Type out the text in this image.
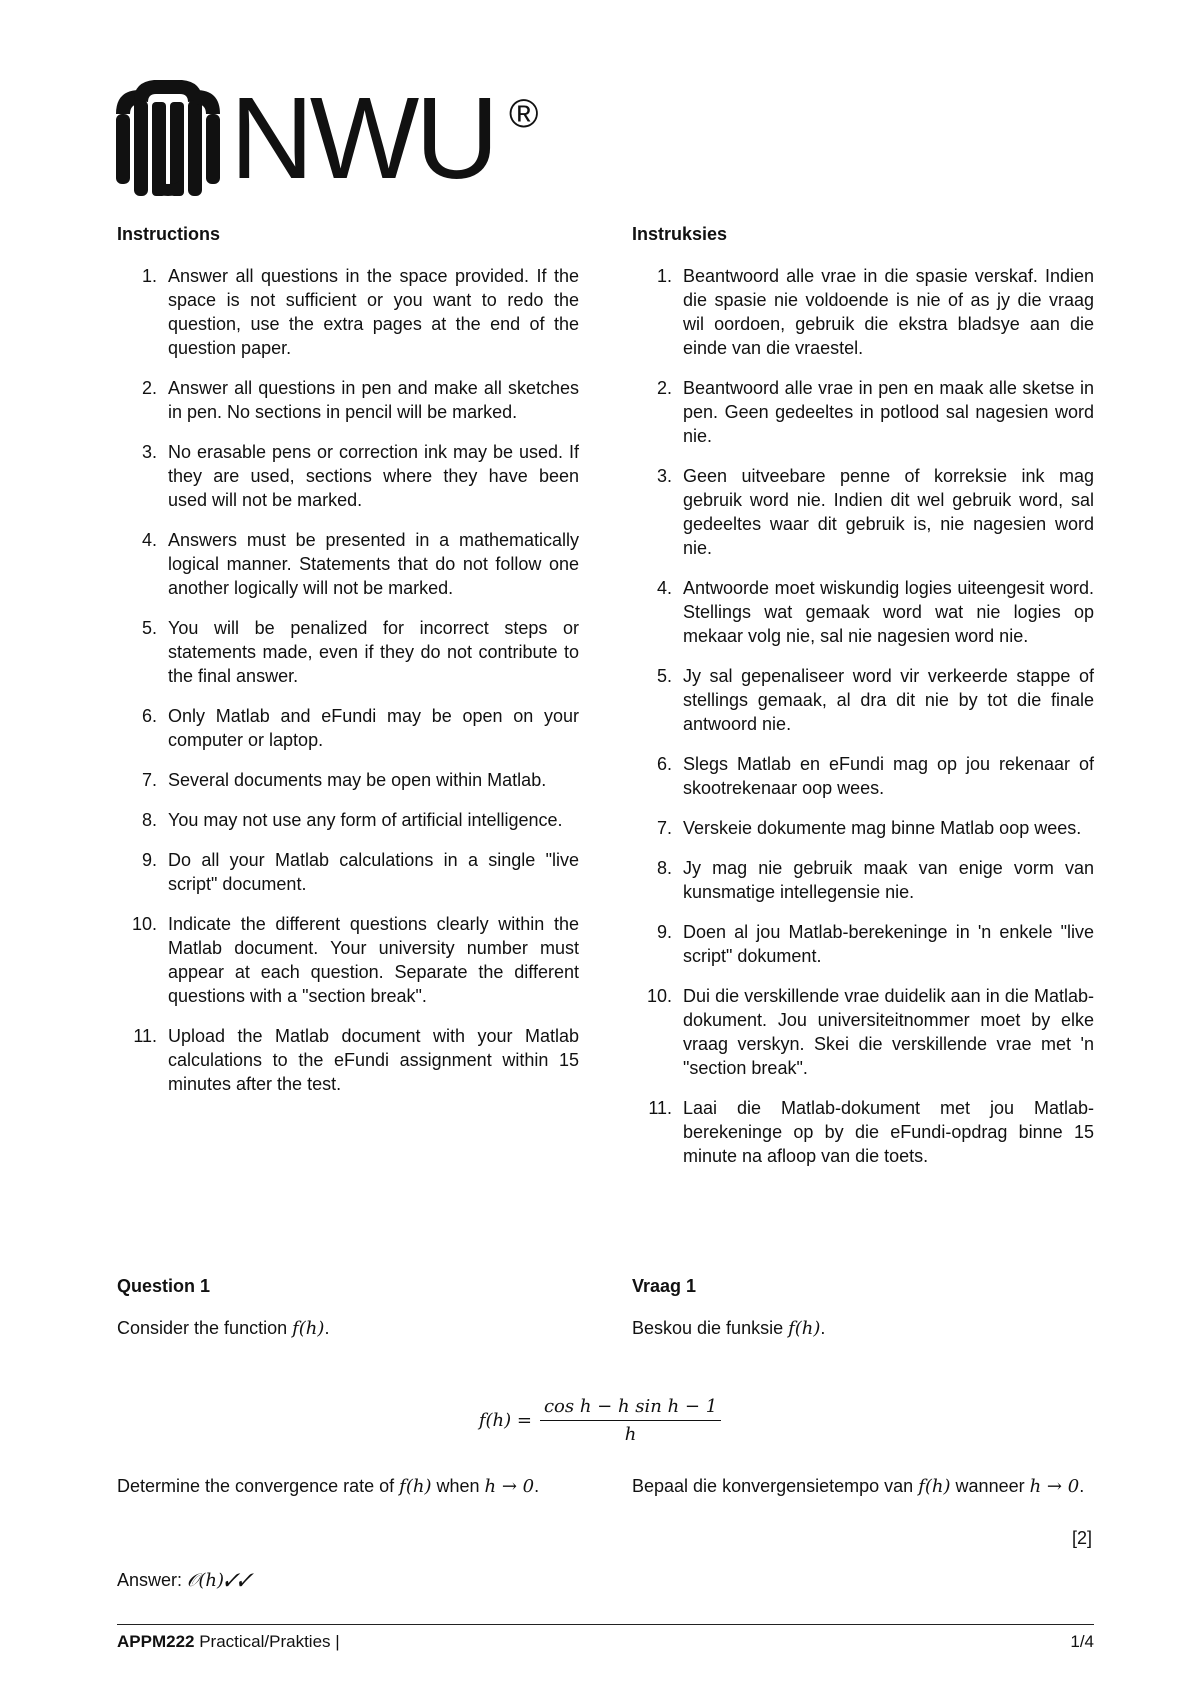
NWU ®
Instructions
1. Answer all questions in the space provided. If the space is not sufficient or you want to redo the question, use the extra pages at the end of the question paper.
2. Answer all questions in pen and make all sketches in pen. No sections in pencil will be marked.
3. No erasable pens or correction ink may be used. If they are used, sections where they have been used will not be marked.
4. Answers must be presented in a mathematically logical manner. Statements that do not follow one another logically will not be marked.
5. You will be penalized for incorrect steps or statements made, even if they do not contribute to the final answer.
6. Only Matlab and eFundi may be open on your computer or laptop.
7. Several documents may be open within Matlab.
8. You may not use any form of artificial intelligence.
9. Do all your Matlab calculations in a single "live script" document.
10. Indicate the different questions clearly within the Matlab document. Your university number must appear at each question. Separate the different questions with a "section break".
11. Upload the Matlab document with your Matlab calculations to the eFundi assignment within 15 minutes after the test.
Instruksies
1. Beantwoord alle vrae in die spasie verskaf. Indien die spasie nie voldoende is nie of as jy die vraag wil oordoen, gebruik die ekstra bladsye aan die einde van die vraestel.
2. Beantwoord alle vrae in pen en maak alle sketse in pen. Geen gedeeltes in potlood sal nagesien word nie.
3. Geen uitveebare penne of korreksie ink mag gebruik word nie. Indien dit wel gebruik word, sal gedeeltes waar dit gebruik is, nie nagesien word nie.
4. Antwoorde moet wiskundig logies uiteengesit word. Stellings wat gemaak word wat nie logies op mekaar volg nie, sal nie nagesien word nie.
5. Jy sal gepenaliseer word vir verkeerde stappe of stellings gemaak, al dra dit nie by tot die finale antwoord nie.
6. Slegs Matlab en eFundi mag op jou rekenaar of skootrekenaar oop wees.
7. Verskeie dokumente mag binne Matlab oop wees.
8. Jy mag nie gebruik maak van enige vorm van kunsmatige intellegensie nie.
9. Doen al jou Matlab-berekeninge in 'n enkele "live script" dokument.
10. Dui die verskillende vrae duidelik aan in die Matlab-dokument. Jou universiteitnommer moet by elke vraag verskyn. Skei die verskillende vrae met 'n "section break".
11. Laai die Matlab-dokument met jou Matlab-berekeninge op by die eFundi-opdrag binne 15 minute na afloop van die toets.
Question 1

Consider the function f(h).

Vraag 1

Beskou die funksie f(h).

$f(h) = \frac{\text{cos h − h sin h − 1}}{h}$

Determine the convergence rate of f(h) when h → 0.	Bepaal die konvergensietempo van f(h) wanneer h → 0.

[2]
Answer: 𝒪(h)✓✓
APPM222 Practical/Prakties |	1/4
